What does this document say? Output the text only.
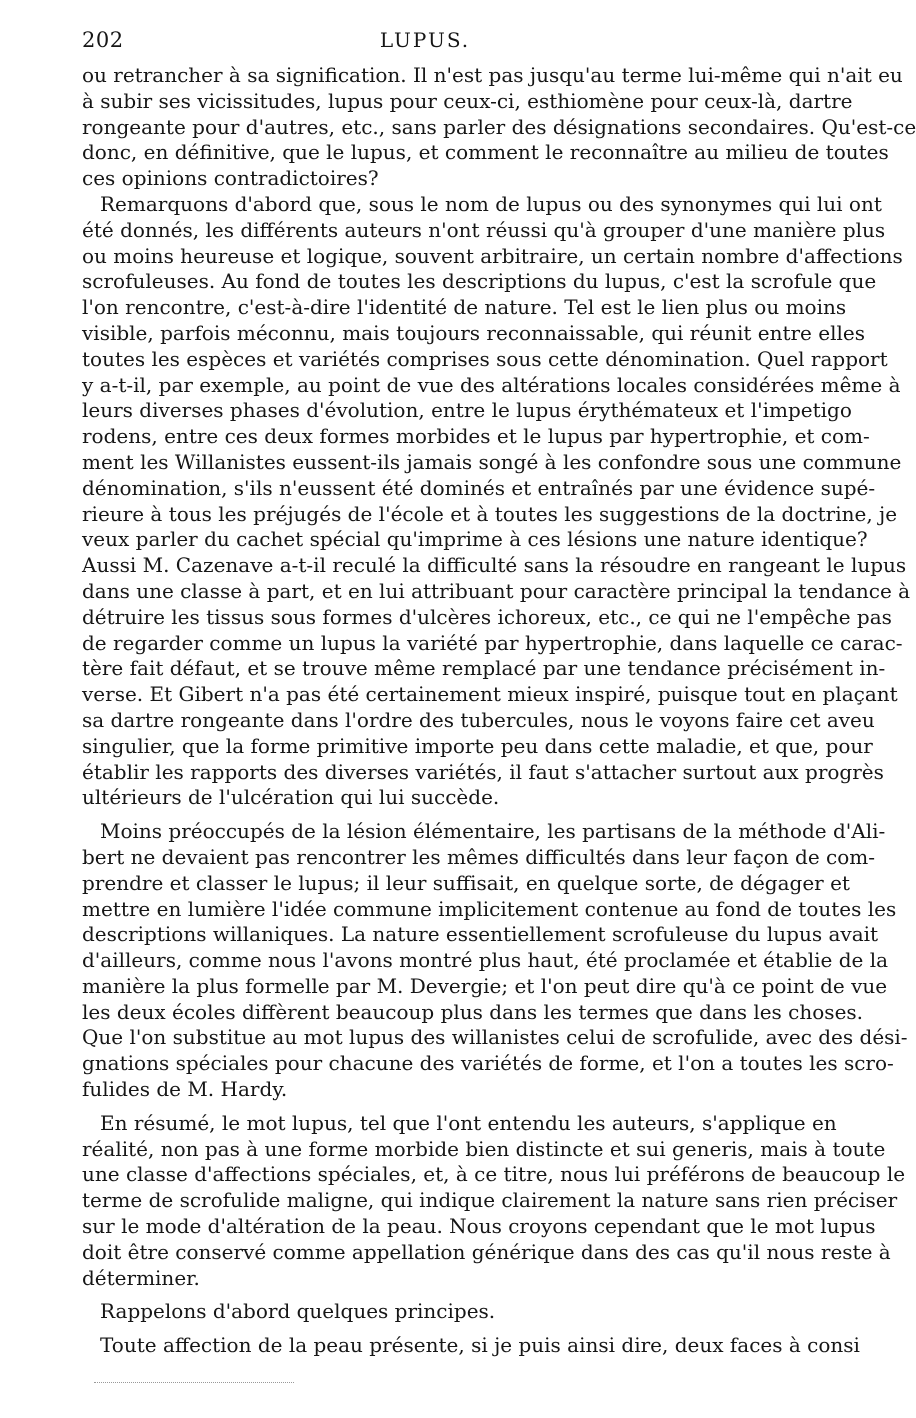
202	LUPUS.
ou retrancher à sa signification. Il n'est pas jusqu'au terme lui-même qui n'ait eu
à subir ses vicissitudes, lupus pour ceux-ci, esthiomène pour ceux-là, dartre
rongeante pour d'autres, etc., sans parler des désignations secondaires. Qu'est-ce
donc, en définitive, que le lupus, et comment le reconnaître au milieu de toutes
ces opinions contradictoires?
Remarquons d'abord que, sous le nom de lupus ou des synonymes qui lui ont
été donnés, les différents auteurs n'ont réussi qu'à grouper d'une manière plus
ou moins heureuse et logique, souvent arbitraire, un certain nombre d'affections
scrofuleuses. Au fond de toutes les descriptions du lupus, c'est la scrofule que
l'on rencontre, c'est-à-dire l'identité de nature. Tel est le lien plus ou moins
visible, parfois méconnu, mais toujours reconnaissable, qui réunit entre elles
toutes les espèces et variétés comprises sous cette dénomination. Quel rapport
y a-t-il, par exemple, au point de vue des altérations locales considérées même à
leurs diverses phases d'évolution, entre le lupus érythémateux et l'impetigo
rodens, entre ces deux formes morbides et le lupus par hypertrophie, et com-
ment les Willanistes eussent-ils jamais songé à les confondre sous une commune
dénomination, s'ils n'eussent été dominés et entraînés par une évidence supé-
rieure à tous les préjugés de l'école et à toutes les suggestions de la doctrine, je
veux parler du cachet spécial qu'imprime à ces lésions une nature identique?
Aussi M. Cazenave a-t-il reculé la difficulté sans la résoudre en rangeant le lupus
dans une classe à part, et en lui attribuant pour caractère principal la tendance à
détruire les tissus sous formes d'ulcères ichoreux, etc., ce qui ne l'empêche pas
de regarder comme un lupus la variété par hypertrophie, dans laquelle ce carac-
tère fait défaut, et se trouve même remplacé par une tendance précisément in-
verse. Et Gibert n'a pas été certainement mieux inspiré, puisque tout en plaçant
sa dartre rongeante dans l'ordre des tubercules, nous le voyons faire cet aveu
singulier, que la forme primitive importe peu dans cette maladie, et que, pour
établir les rapports des diverses variétés, il faut s'attacher surtout aux progrès
ultérieurs de l'ulcération qui lui succède.
Moins préoccupés de la lésion élémentaire, les partisans de la méthode d'Ali-
bert ne devaient pas rencontrer les mêmes difficultés dans leur façon de com-
prendre et classer le lupus; il leur suffisait, en quelque sorte, de dégager et
mettre en lumière l'idée commune implicitement contenue au fond de toutes les
descriptions willaniques. La nature essentiellement scrofuleuse du lupus avait
d'ailleurs, comme nous l'avons montré plus haut, été proclamée et établie de la
manière la plus formelle par M. Devergie; et l'on peut dire qu'à ce point de vue
les deux écoles diffèrent beaucoup plus dans les termes que dans les choses.
Que l'on substitue au mot lupus des willanistes celui de scrofulide, avec des dési-
gnations spéciales pour chacune des variétés de forme, et l'on a toutes les scro-
fulides de M. Hardy.
En résumé, le mot lupus, tel que l'ont entendu les auteurs, s'applique en
réalité, non pas à une forme morbide bien distincte et sui generis, mais à toute
une classe d'affections spéciales, et, à ce titre, nous lui préférons de beaucoup le
terme de scrofulide maligne, qui indique clairement la nature sans rien préciser
sur le mode d'altération de la peau. Nous croyons cependant que le mot lupus
doit être conservé comme appellation générique dans des cas qu'il nous reste à
déterminer.
Rappelons d'abord quelques principes.
Toute affection de la peau présente, si je puis ainsi dire, deux faces à consi
